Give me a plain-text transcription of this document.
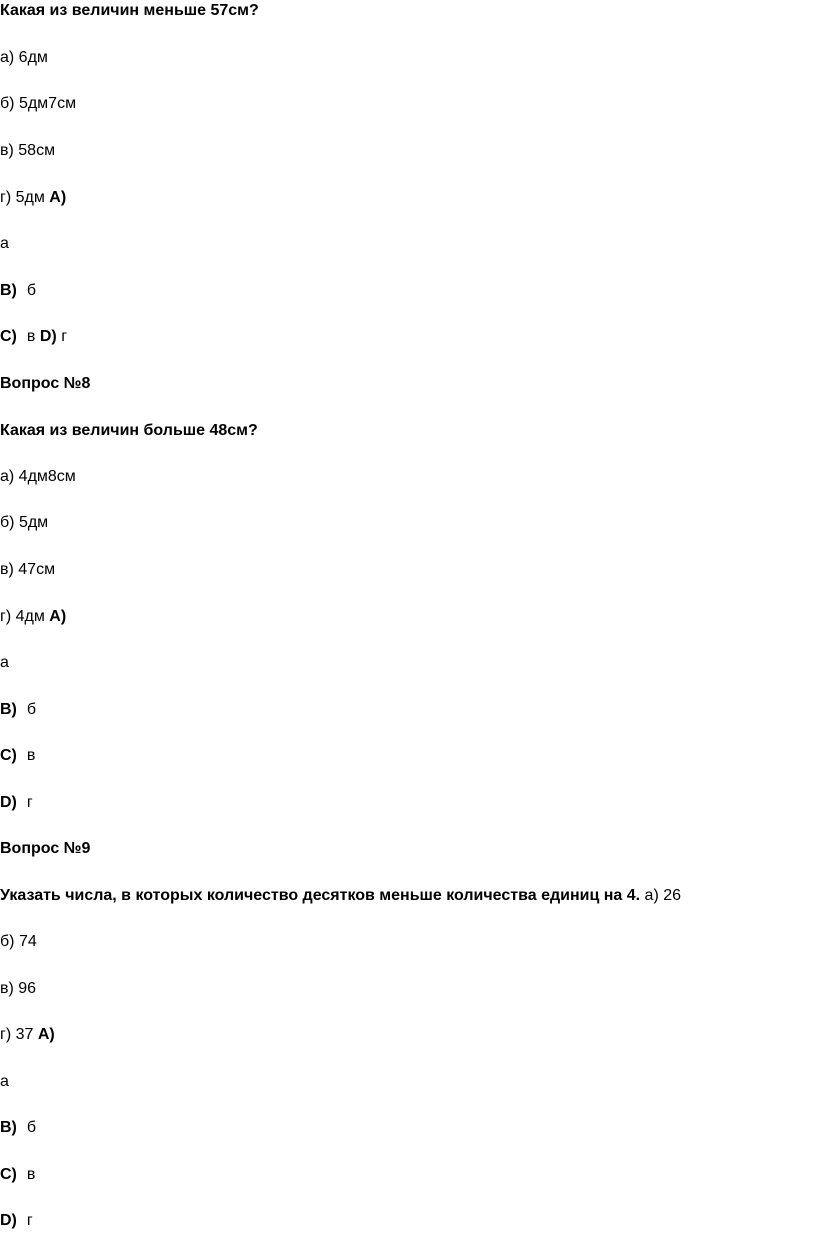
Какая из величин меньше 57см?
а) 6дм
б) 5дм7см
в) 58см
г) 5дм А)
а
В) б
С) в D) г
Вопрос №8
Какая из величин больше 48см?
а) 4дм8см
б) 5дм
в) 47см
г) 4дм А)
а
В) б
С) в
D) г
Вопрос №9
Указать числа, в которых количество десятков меньше количества единиц на 4. а) 26
б) 74
в) 96
г) 37 А)
а
В) б
С) в
D) г
